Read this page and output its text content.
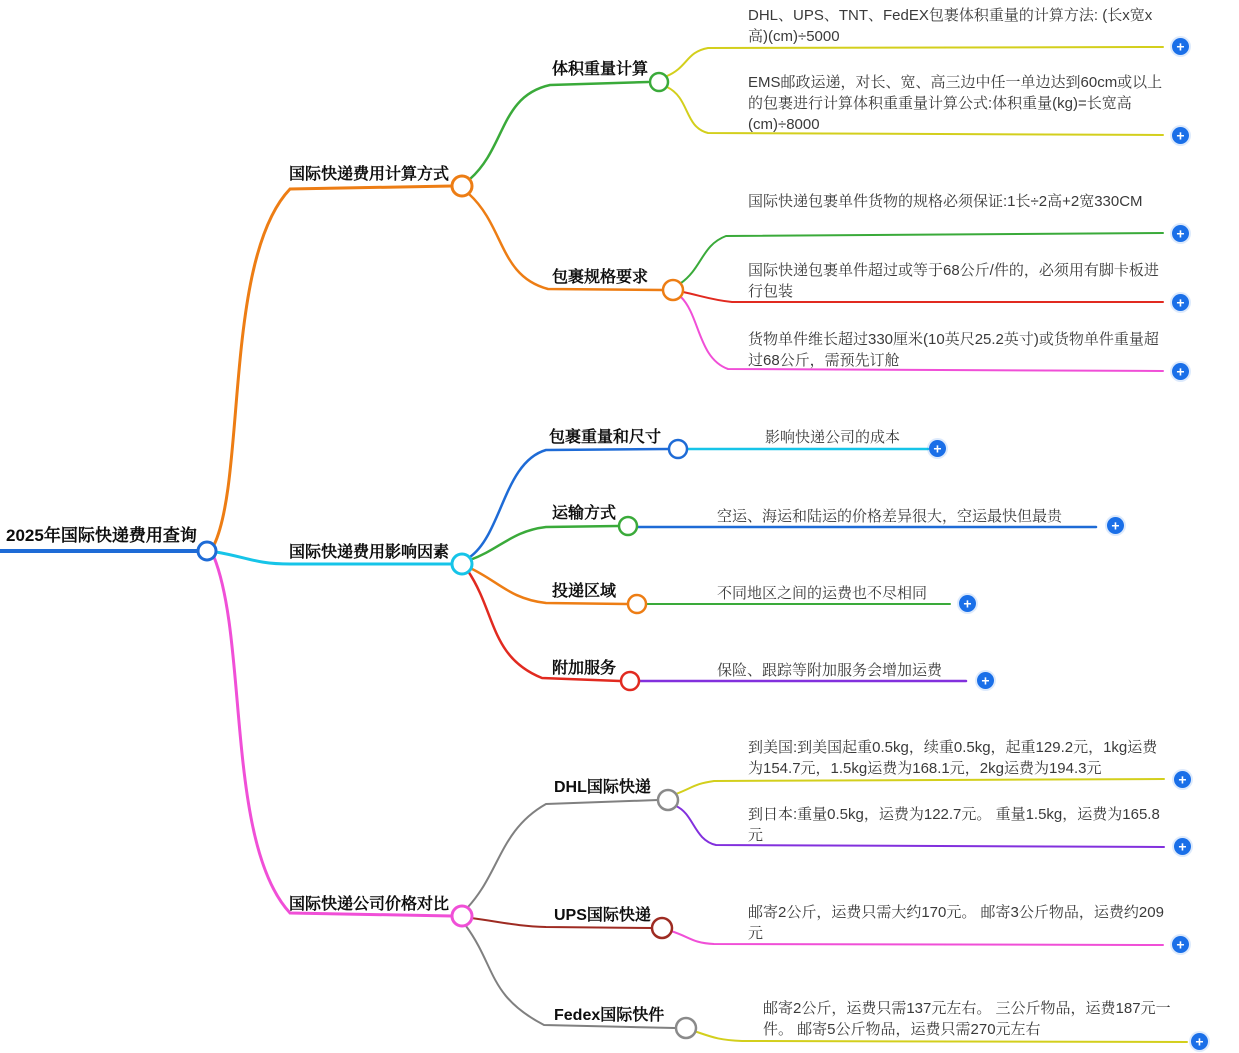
2025年国际快递费用查询
国际快递费用计算方式
国际快递费用影响因素
国际快递公司价格对比
体积重量计算
包裹规格要求
包裹重量和尺寸
运输方式
投递区域
附加服务
DHL国际快递
UPS国际快递
Fedex国际快件
DHL、UPS、TNT、FedEX包裹体积重量的计算方法: (长x宽x高)(cm)÷5000
EMS邮政运递，对长、宽、高三边中任一单边达到60cm或以上的包裹进行计算体积重重量计算公式:体积重量(kg)=长宽高(cm)÷8000
国际快递包裹单件货物的规格必须保证:1长÷2高+2宽330CM
国际快递包裹单件超过或等于68公斤/件的，必须用有脚卡板进行包装
货物单件维长超过330厘米(10英尺25.2英寸)或货物单件重量超过68公斤，需预先订舱
影响快递公司的成本
空运、海运和陆运的价格差异很大，空运最快但最贵
不同地区之间的运费也不尽相同
保险、跟踪等附加服务会增加运费
到美国:到美国起重0.5kg，续重0.5kg，起重129.2元，1kg运费为154.7元，1.5kg运费为168.1元，2kg运费为194.3元
到日本:重量0.5kg，运费为122.7元。 重量1.5kg，运费为165.8元
邮寄2公斤，运费只需大约170元。 邮寄3公斤物品，运费约209元
邮寄2公斤，运费只需137元左右。 三公斤物品，运费187元一件。 邮寄5公斤物品，运费只需270元左右
+
+
+
+
+
+
+
+
+
+
+
+
+
